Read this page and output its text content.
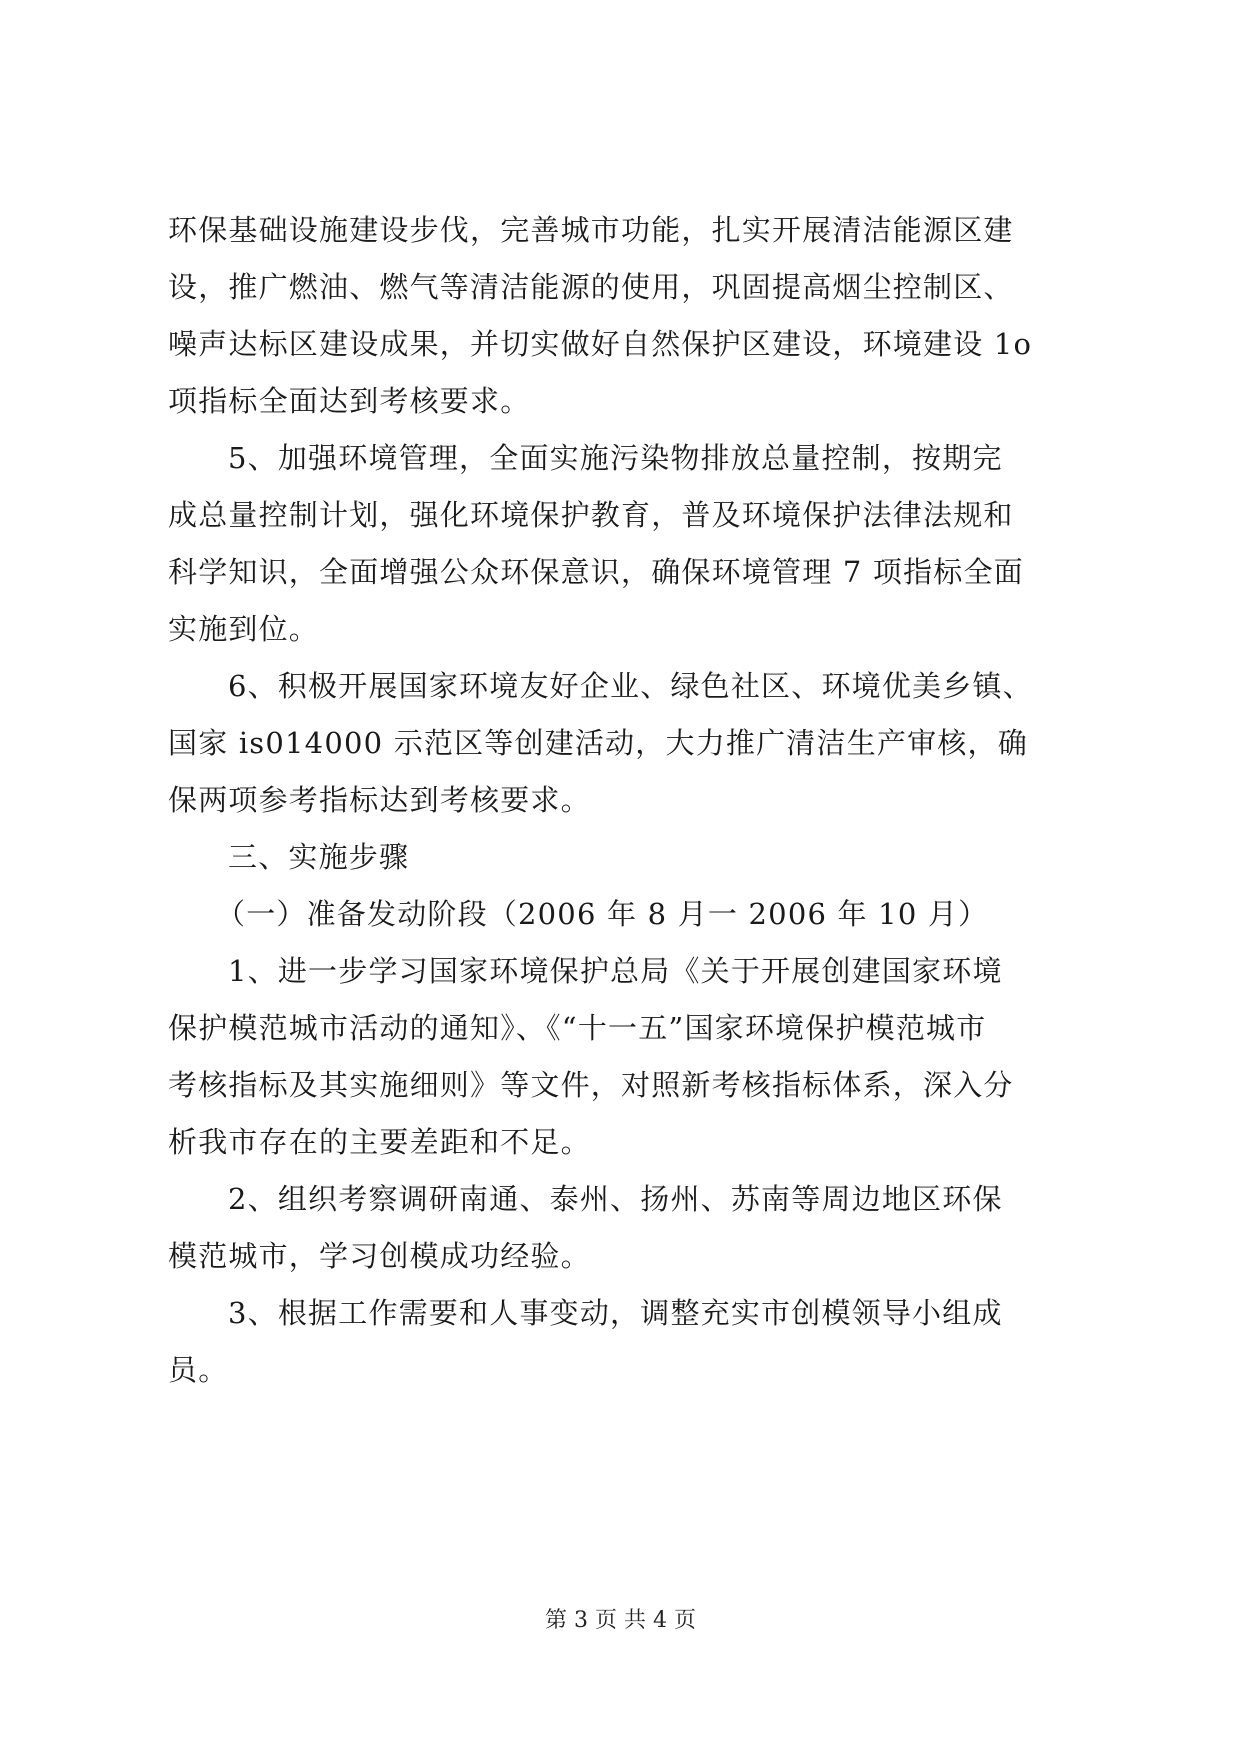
环保基础设施建设步伐，完善城市功能，扎实开展清洁能源区建
设，推广燃油、燃气等清洁能源的使用，巩固提高烟尘控制区、
噪声达标区建设成果，并切实做好自然保护区建设，环境建设 1o
项指标全面达到考核要求。
5、加强环境管理，全面实施污染物排放总量控制，按期完
成总量控制计划，强化环境保护教育，普及环境保护法律法规和
科学知识，全面增强公众环保意识，确保环境管理 7 项指标全面
实施到位。
6、积极开展国家环境友好企业、绿色社区、环境优美乡镇、
国家 is014000 示范区等创建活动，大力推广清洁生产审核，确
保两项参考指标达到考核要求。
三、实施步骤
（一）准备发动阶段（2006 年 8 月一 2006 年 10 月）
1、进一步学习国家环境保护总局《关于开展创建国家环境
保护模范城市活动的通知》、《“十一五”国家环境保护模范城市
考核指标及其实施细则》等文件，对照新考核指标体系，深入分
析我市存在的主要差距和不足。
2、组织考察调研南通、泰州、扬州、苏南等周边地区环保
模范城市，学习创模成功经验。
3、根据工作需要和人事变动，调整充实市创模领导小组成
员。
第 3 页 共 4 页
